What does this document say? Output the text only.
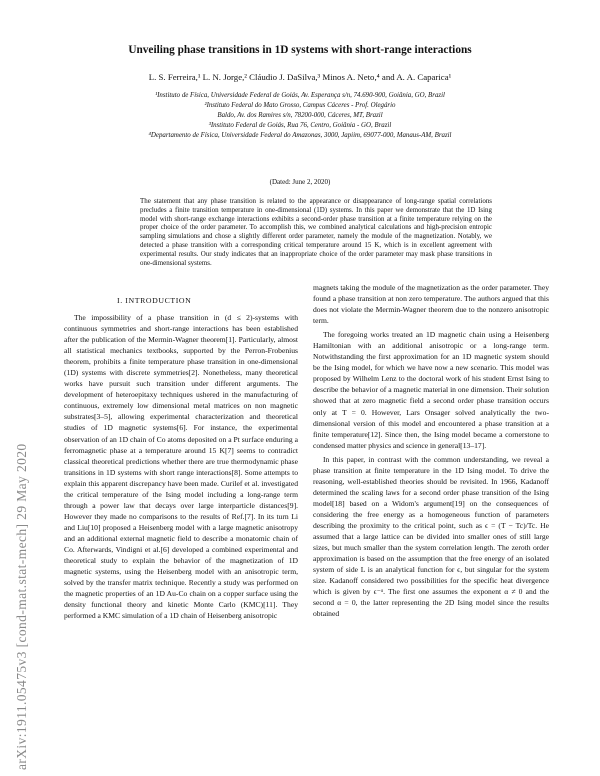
arXiv:1911.05475v3 [cond-mat.stat-mech] 29 May 2020
Unveiling phase transitions in 1D systems with short-range interactions
L. S. Ferreira,¹ L. N. Jorge,² Cláudio J. DaSilva,³ Minos A. Neto,⁴ and A. A. Caparica¹
¹Instituto de Física, Universidade Federal de Goiás, Av. Esperança s/n, 74.690-900, Goiânia, GO, Brazil
²Instituto Federal do Mato Grosso, Campus Cáceres - Prof. Olegário
Baldo, Av. dos Ramires s/n, 78200-000, Cáceres, MT, Brazil
³Instituto Federal de Goiás, Rua 76, Centro, Goiânia - GO, Brazil
⁴Departamento de Física, Universidade Federal do Amazonas, 3000, Japiim, 69077-000, Manaus-AM, Brazil
(Dated: June 2, 2020)
The statement that any phase transition is related to the appearance or disappearance of long-range spatial correlations precludes a finite transition temperature in one-dimensional (1D) systems. In this paper we demonstrate that the 1D Ising model with short-range exchange interactions exhibits a second-order phase transition at a finite temperature relying on the proper choice of the order parameter. To accomplish this, we combined analytical calculations and high-precision entropic sampling simulations and chose a slightly different order parameter, namely the module of the magnetization. Notably, we detected a phase transition with a corresponding critical temperature around 15 K, which is in excellent agreement with experimental results. Our study indicates that an inappropriate choice of the order parameter may mask phase transitions in one-dimensional systems.
I. INTRODUCTION

The impossibility of a phase transition in (d ≤ 2)-systems with continuous symmetries and short-range interactions has been established after the publication of the Mermin-Wagner theorem[1]. Particularly, almost all statistical mechanics textbooks, supported by the Perron-Frobenius theorem, prohibits a finite temperature phase transition in one-dimensional (1D) systems with discrete symmetries[2]. Nonetheless, many theoretical works have pursuit such transition under different arguments. The development of heteroepitaxy techniques ushered in the manufacturing of continuous, extremely low dimensional metal matrices on non magnetic substrates[3–5], allowing experimental characterization and theoretical studies of 1D magnetic systems[6]. For instance, the experimental observation of an 1D chain of Co atoms deposited on a Pt surface enduring a ferromagnetic phase at a temperature around 15 K[7] seems to contradict classical theoretical predictions whether there are true thermodynamic phase transitions in 1D systems with short range interactions[8]. Some attempts to explain this apparent discrepancy have been made. Curilef et al. investigated the critical temperature of the Ising model including a long-range term through a power law that decays over large interparticle distances[9]. However they made no comparisons to the results of Ref.[7]. In its turn Li and Liu[10] proposed a Heisenberg model with a large magnetic anisotropy and an additional external magnetic field to describe a monatomic chain of Co. Afterwards, Vindigni et al.[6] developed a combined experimental and theoretical study to explain the behavior of the magnetization of 1D magnetic systems, using the Heisenberg model with an anisotropic term, solved by the transfer matrix technique. Recently a study was performed on the magnetic properties of an 1D Au-Co chain on a copper surface using the density functional theory and kinetic Monte Carlo (KMC)[11]. They performed a KMC simulation of a 1D chain of Heisenberg anisotropic

magnets taking the module of the magnetization as the order parameter. They found a phase transition at non zero temperature. The authors argued that this does not violate the Mermin-Wagner theorem due to the nonzero anisotropic term.

The foregoing works treated an 1D magnetic chain using a Heisenberg Hamiltonian with an additional anisotropic or a long-range term. Notwithstanding the first approximation for an 1D magnetic system should be the Ising model, for which we have now a new scenario. This model was proposed by Wilhelm Lenz to the doctoral work of his student Ernst Ising to describe the behavior of a magnetic material in one dimension. Their solution showed that at zero magnetic field a second order phase transition occurs only at T = 0. However, Lars Onsager solved analytically the two-dimensional version of this model and encountered a phase transition at a finite temperature[12]. Since then, the Ising model became a cornerstone to condensed matter physics and science in general[13–17].

In this paper, in contrast with the common understanding, we reveal a phase transition at finite temperature in the 1D Ising model. To drive the reasoning, well-established theories should be revisited. In 1966, Kadanoff determined the scaling laws for a second order phase transition of the Ising model[18] based on a Widom's argument[19] on the consequences of considering the free energy as a homogeneous function of parameters describing the proximity to the critical point, such as ϵ = (T − Tc)/Tc. He assumed that a large lattice can be divided into smaller ones of still large sizes, but much smaller than the system correlation length. The zeroth order approximation is based on the assumption that the free energy of an isolated system of side L is an analytical function for ϵ, but singular for the system size. Kadanoff considered two possibilities for the specific heat divergence which is given by ϵ⁻ᵅ. The first one assumes the exponent α ≠ 0 and the second α = 0, the latter representing the 2D Ising model since the results obtained
